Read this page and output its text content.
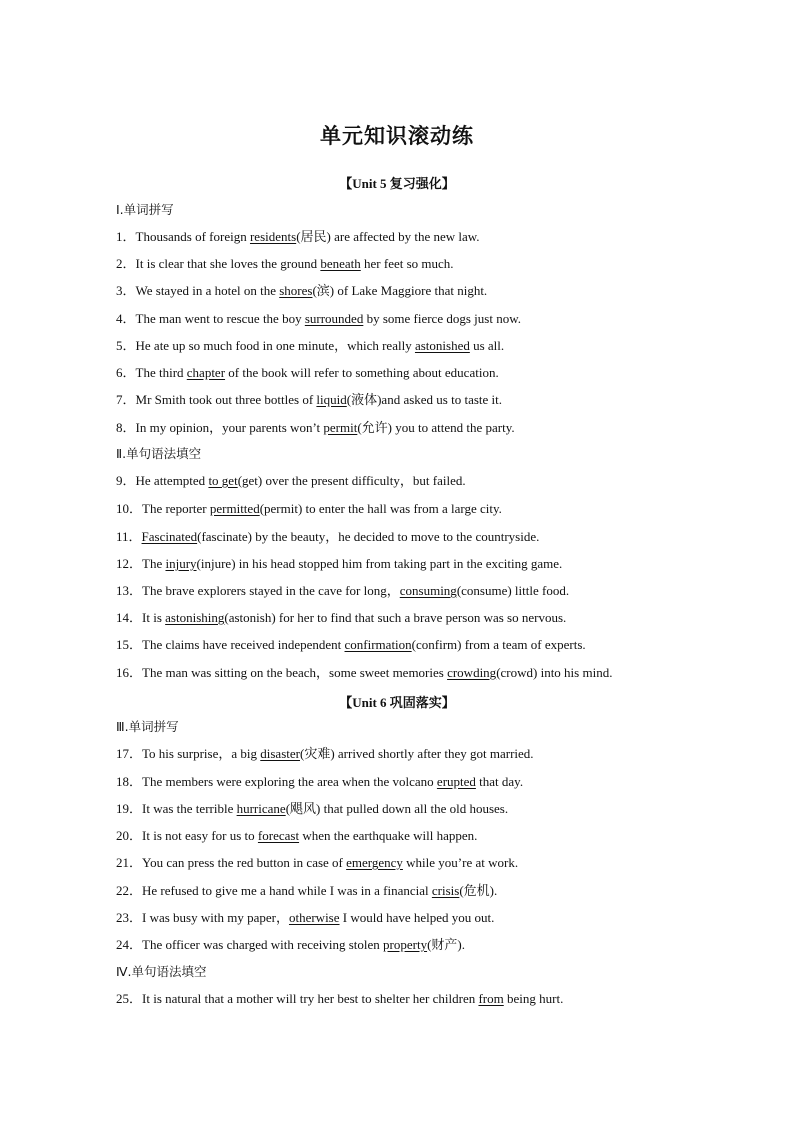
单元知识滚动练
【Unit 5 复习强化】
Ⅰ.单词拼写
1．Thousands of foreign residents(居民) are affected by the new law.
2．It is clear that she loves the ground beneath her feet so much.
3．We stayed in a hotel on the shores(滨) of Lake Maggiore that night.
4．The man went to rescue the boy surrounded by some fierce dogs just now.
5．He ate up so much food in one minute，which really astonished us all.
6．The third chapter of the book will refer to something about education.
7．Mr Smith took out three bottles of liquid(液体)and asked us to taste it.
8．In my opinion，your parents won’t permit(允许) you to attend the party.
Ⅱ.单句语法填空
9．He attempted to get(get) over the present difficulty，but failed.
10．The reporter permitted(permit) to enter the hall was from a large city.
11．Fascinated(fascinate) by the beauty，he decided to move to the countryside.
12．The injury(injure) in his head stopped him from taking part in the exciting game.
13．The brave explorers stayed in the cave for long，consuming(consume) little food.
14．It is astonishing(astonish) for her to find that such a brave person was so nervous.
15．The claims have received independent confirmation(confirm) from a team of experts.
16．The man was sitting on the beach，some sweet memories crowding(crowd) into his mind.
【Unit 6 巩固落实】
Ⅲ.单词拼写
17．To his surprise，a big disaster(灾难) arrived shortly after they got married.
18．The members were exploring the area when the volcano erupted that day.
19．It was the terrible hurricane(飓风) that pulled down all the old houses.
20．It is not easy for us to forecast when the earthquake will happen.
21．You can press the red button in case of emergency while you’re at work.
22．He refused to give me a hand while I was in a financial crisis(危机).
23．I was busy with my paper，otherwise I would have helped you out.
24．The officer was charged with receiving stolen property(财产).
Ⅳ.单句语法填空
25．It is natural that a mother will try her best to shelter her children from being hurt.
